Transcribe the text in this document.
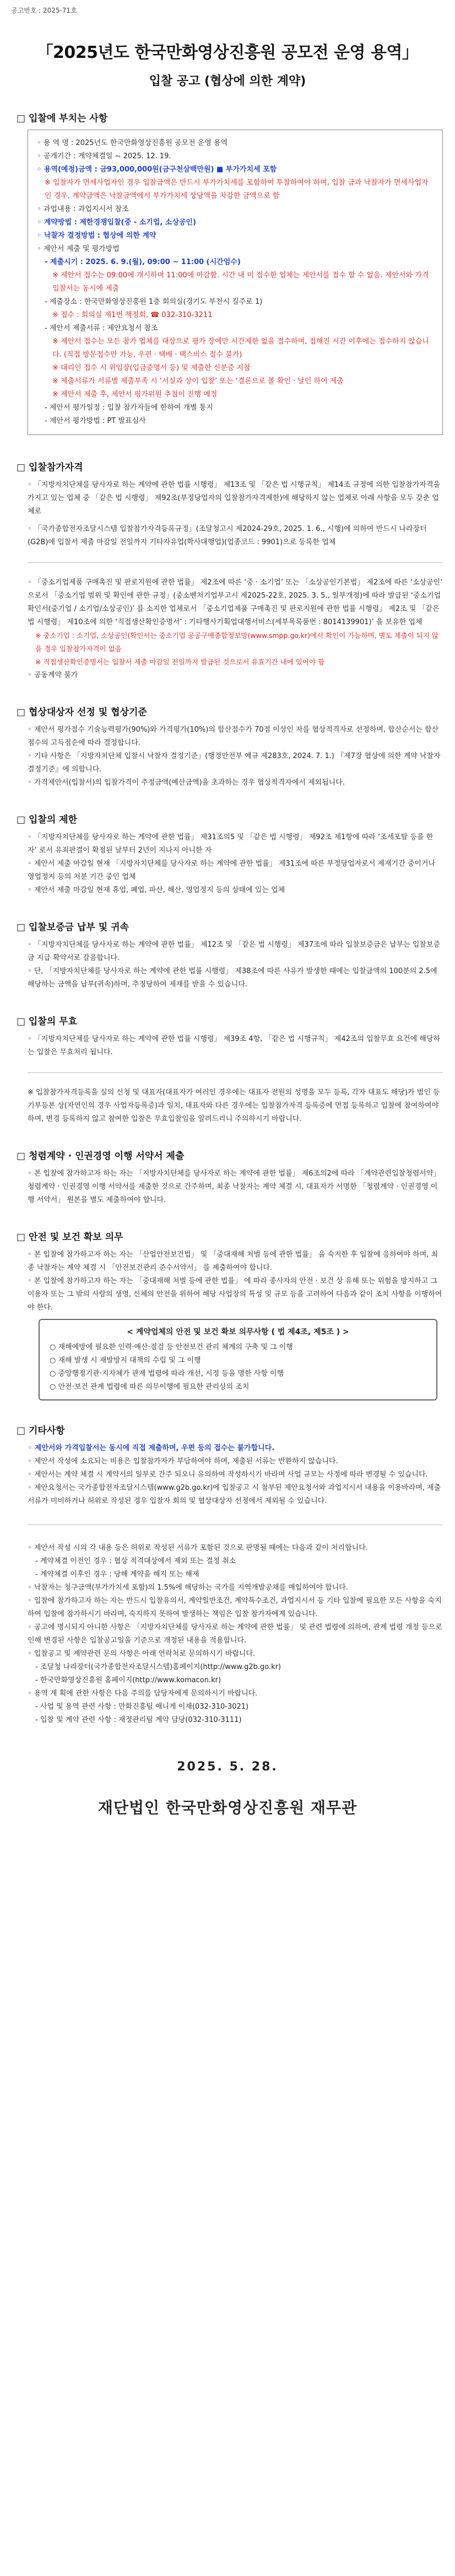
공고번호 : 2025-71호
「2025년도 한국만화영상진흥원 공모전 운영 용역」
입찰 공고 (협상에 의한 계약)
□ 입찰에 부치는 사항
◦ 용 역 명 : 2025년도 한국만화영상진흥원 공모전 운영 용역
◦ 공개기간 : 계약체결일 ~ 2025. 12. 19.
◦ 용역(예정)금액 : 금93,000,000원(금구천삼백만원) ■ 부가가치세 포함
※ 입찰자가 면세사업자인 경우 입찰금액은 반드시 부가가치세를 포함하여 투찰하여야 하며, 입찰 금과 낙찰자가 면세사업자인 경우, 계약금액은 낙찰금액에서 부가가치세 상당액을 차감한 금액으로 함
◦ 과업내용 : 과업지시서 참조
◦ 계약방법 : 제한경쟁입찰(중 - 소기업, 소상공인)
◦ 낙찰자 결정방법 : 협상에 의한 계약
◦ 제안서 제출 및 평가방법
- 제출시기 : 2025. 6. 9.(월), 09:00 ~ 11:00 (시간엄수)
※ 제안서 접수는 09:00에 개시하며 11:00에 마감함. 시간 내 미 접수한 업체는 제안서를 접수 할 수 없음. 제안서와 가격입찰서는 동시에 제출
- 제출장소 : 한국만화영상진흥원 1층 회의실(경기도 부천시 길주로 1)
※ 접수 : 회의실 제1번 책정회, ☎ 032-310-3211
- 제안서 제출서류 : 제안요청서 참조
※ 제안서 접수는 모든 참가 업체를 대상으로 평가 장에만 시간제한 없을 접수하며, 접해진 시간 이후에는 접수하지 않습니다. (직접 방문접수만 가능, 우편 · 택배 · 팩스비스 접수 불가)
※ 대리인 접수 시 위임장(입금증명서 등) 및 제출한 신분증 지참
※ 제출서류가 서류별 제출부족 시 ‘서실과 상이 입찰’ 또는 ‘결론으로 볼 확인 · 날인 하여 제출
※ 제안서 제출 후, 제안서 평가위원 추첨이 진행 예정
- 제안서 평가일정 : 입찰 참가자들에 한하여 개별 통지
- 제안서 평가방법 : PT 발표심사
□ 입찰참가자격
◦ 「지방자치단체를 당사자로 하는 계약에 관한 법률 시행령」 제13조 및 「같은 법 시행규칙」 제14조 규정에 의한 입찰참가자격을 가지고 있는 업체 중 「같은 법 시행령」 제92조(부정당업자의 입찰참가자격제한)에 해당하지 않는 업체로 아래 사항을 모두 갖춘 업체로
◦ 「국가종합전자조달시스템 입찰참가자격등록규정」(조달청고시 제2024-29호, 2025. 1. 6., 시행)에 의하여 반드시 나라장터(G2B)에 입찰서 제출 마감일 전일까지 기타자유업(학사대행업)(업종코드 : 9901)으로 등록한 업체
◦ 「중소기업제품 구매촉진 및 판로지원에 관한 법률」 제2조에 따른 ‘중 · 소기업’ 또는 「소상공인기본법」 제2조에 따른 ‘소상공인’ 으로서 「중소기업 범위 및 확인에 관한 규정」(중소벤처기업부고시 제2025-22호, 2025. 3. 5., 일부개정)에 따라 발급된 ‘중소기업확인서(중기업 / 소기업/소상공인)’ 를 소지한 업체로서 「중소기업제품 구매촉진 및 판로지원에 관한 법률 시행령」 제2조 및 「같은 법 시행령」 제10조에 의한 ‘직접생산확인증명서’ : 기타행사기획업대행서비스(세부목록품번 : 8014139901)’ 을 보유한 업체
※ 중소기업 : 소기업, 소상공인(확인서는 중소기업 공공구매종합정보망(www.smpp.go.kr)에서 확인이 가능하며, 별도 제출이 되지 않을 경우 입찰참가자격이 없음
※ 직접생산확인증명서는 입찰서 제출 마감일 전일까지 발급된 것으로서 유효기간 내에 있어야 함
◦ 공동계약 불가
□ 협상대상자 선정 및 협상기준
◦ 제안서 평가점수 기술능력평가(90%)와 가격평가(10%)의 합산점수가 70점 이상인 자를 협상적격자로 선정하며, 합산순서는 합산점수의 고득점순에 따라 결정합니다.
◦ 기타 사항은 「지방자치단체 입찰시 낙찰자 결정기준」(행정안전부 예규 제283호, 2024. 7. 1.) 『제7장 협상에 의한 계약 낙찰자 결정기준』에 의합니다.
◦ 가격제안서(입찰서)의 입찰가격이 추정금액(예산금액)을 초과하는 경우 협상적격자에서 제외됩니다.
□ 입찰의 제한
◦ 「지방자치단체를 당사자로 하는 계약에 관한 법률」 제31조의5 및 「같은 법 시행령」 제92조 제1항에 따라 ‘조세포탈 등을 한 자’ 로서 유죄판결이 확정된 날부터 2년이 지나지 아니한 자
◦ 제안서 제출 마감일 현재 「지방자치단체를 당사자로 하는 계약에 관한 법률」 제31조에 따른 부정당업자로서 제재기간 중이거나 영업정지 등의 처분 기간 중인 업체
◦ 제안서 제출 마감일 현재 휴업, 폐업, 파산, 해산, 영업정지 등의 상태에 있는 업체
□ 입찰보증금 납부 및 귀속
◦ 「지방자치단체를 당사자로 하는 계약에 관한 법률」 제12조 및 「같은 법 시행령」 제37조에 따라 입찰보증금은 납부는 입찰보증금 지급 확약서로 갈음합니다.
◦ 단, 「지방자치단체를 당사자로 하는 계약에 관한 법률 시행령」 제38조에 따른 사유가 발생한 때에는 입찰금액의 100분의 2.5에 해당하는 금액을 납부(귀속)하며, 추징당하여 제재를 받을 수 있습니다.
□ 입찰의 무효
◦ 「지방자치단체를 당사자로 하는 계약에 관한 법률 시행령」 제39조 4항, 「같은 법 시행규칙」 제42조의 입찰무효 요건에 해당하는 입찰은 무효처리 됩니다.
※ 입찰참가자격등록을 실의 신청 및 대표자(대표자가 여러인 경우에는 대표자 전원의 성명을 모두 등록, 각자 대표도 해당)가 범인 등기부등본 상(자연인의 경우 사업자등록증)과 일치, 대표자와 다른 경우에는 입찰참가자격 등록증에 면접 등록하고 입찰에 참여하여야 하며, 변경 등록하지 않고 참여한 입찰은 무효입찰임을 알려드리니 주의하시기 바랍니다.
□ 청렴계약 · 인권경영 이행 서약서 제출
◦ 본 입찰에 참가하고자 하는 자는 「지방자치단체를 당사자로 하는 계약에 관한 법률」 제6조의2에 따라 「계약관련입찰청렴서약」 청렴계약 · 인권경영 이행 서약서를 제출한 것으로 간주하며, 최종 낙찰자는 계약 체결 시, 대표자가 서명한 「청렴계약 · 인권경영 이행 서약서」 원본을 별도 제출하여야 합니다.
□ 안전 및 보건 확보 의무
◦ 본 입찰에 참가하고자 하는 자는 「산업안전보건법」 및 「중대재해 처벌 등에 관한 법률」 을 숙지한 후 입찰에 응하여야 하며, 최종 낙찰자는 계약 체결 시 「안전보건관리 준수서약서」 를 제출하여야 합니다.
◦ 본 입찰에 참가하고자 하는 자는 「중대재해 처벌 등에 관한 법률」 에 따라 종사자의 안전 · 보건 상 유해 또는 위험을 방지하고 그 이용자 또는 그 밖의 사람의 생명, 신체의 안전을 위하여 해당 사업장의 특성 및 규모 등을 고려하여 다음과 같이 조치 사항을 이행하여야 한다.
< 계약업체의 안전 및 보건 확보 의무사항 ( 법 제4조, 제5조 ) >
○ 재해예방에 필요한 인력·예산·점검 등 안전보건 관리 체계의 구축 및 그 이행
○ 재해 발생 시 재발방지 대책의 수립 및 그 이행
○ 중앙행정기관·지자체가 관계 법령에 따라 개선, 시정 등을 명한 사항 이행
○ 안전·보건 관계 법령에 따른 의무이행에 필요한 관리상의 조치
□ 기타사항
◦ 제안서와 가격입찰서는 동시에 직접 제출하며, 우편 등의 접수는 불가합니다.
◦ 제안서 작성에 소요되는 비용은 입찰참가자가 부담하여야 하며, 제출된 서류는 반환하지 않습니다.
◦ 제안서는 계약 체결 시 계약서의 일부로 간주 되오니 유의하여 작성하시기 바라며 사업 규모는 사정에 따라 변경될 수 있습니다.
◦ 제안요청서는 국가종합전자조달시스템(www.g2b.go.kr)에 입찰공고 시 첨부된 제안요청서와 과업지시서 내용을 이용바라며, 제출서류가 미비하거나 허위로 작성된 경우 입찰자 회의 및 협상대상자 선정에서 제외될 수 있습니다.
◦ 제안서 작성 시의 각 내용 등은 허위로 작성된 서류가 포함된 것으로 판명될 때에는 다음과 같이 처리합니다.
- 계약체결 이전인 경우 : 협상 적격대상에서 제외 또는 결정 취소
- 계약체결 이후인 경우 : 당해 계약을 해지 또는 해제
◦ 낙찰자는 청구금액(부가가치세 포함)의 1.5%에 해당하는 국가를 지역개발공채를 매입하여야 합니다.
◦ 입찰에 참가하고자 하는 자는 반드시 입찰유의서, 계약일반조건, 계약특수조건, 과업지시서 등 기타 입찰에 필요한 모든 사항을 숙지하여 입찰에 참가하시기 바라며, 숙지하지 못하여 발생하는 책임은 입찰 참가자에게 있습니다.
◦ 공고에 명시되지 아니한 사항은 「지방자치단체를 당사자로 하는 계약에 관한 법률」 및 관련 법령에 의하며, 관계 법령 개정 등으로 인해 변경된 사항은 입찰공고일을 기준으로 개정된 내용을 적용합니다.
◦ 입찰공고 및 계약관련 문의 사항은 아래 연락처로 문의하시기 바랍니다.
- 조달청 나라장터(국가종합전자조달시스템)홈페이지(http://www.g2b.go.kr)
- 한국만화영상진흥원 홈페이지(http://www.komacon.kr)
◦ 용역 계 획에 관한 사항은 다음 주의를 담당자에게 문의하시기 바랍니다.
- 사업 및 용역 관련 사항 : 만화진흥팀 애니게 이재(032-310-3021)
- 입찰 및 계약 관련 사항 : 재정관리팀 계약 담당(032-310-3111)
2025. 5. 28.
재단법인 한국만화영상진흥원 재무관
